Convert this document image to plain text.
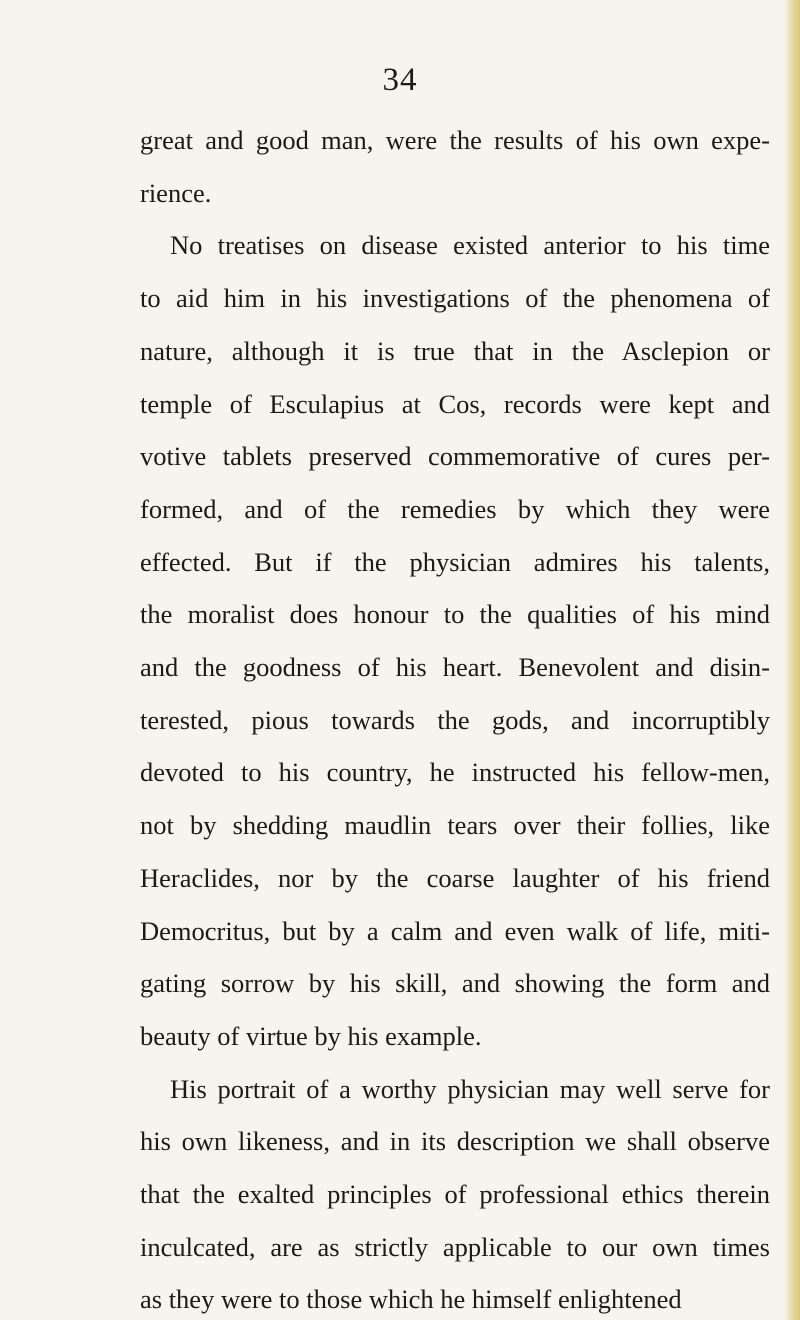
34
great and good man, were the results of his own expe-
rience.
No treatises on disease existed anterior to his time
to aid him in his investigations of the phenomena of
nature, although it is true that in the Asclepion or
temple of Esculapius at Cos, records were kept and
votive tablets preserved commemorative of cures per-
formed, and of the remedies by which they were
effected. But if the physician admires his talents,
the moralist does honour to the qualities of his mind
and the goodness of his heart. Benevolent and disin-
terested, pious towards the gods, and incorruptibly
devoted to his country, he instructed his fellow-men,
not by shedding maudlin tears over their follies, like
Heraclides, nor by the coarse laughter of his friend
Democritus, but by a calm and even walk of life, miti-
gating sorrow by his skill, and showing the form and
beauty of virtue by his example.
His portrait of a worthy physician may well serve for
his own likeness, and in its description we shall observe
that the exalted principles of professional ethics therein
inculcated, are as strictly applicable to our own times
as they were to those which he himself enlightened
